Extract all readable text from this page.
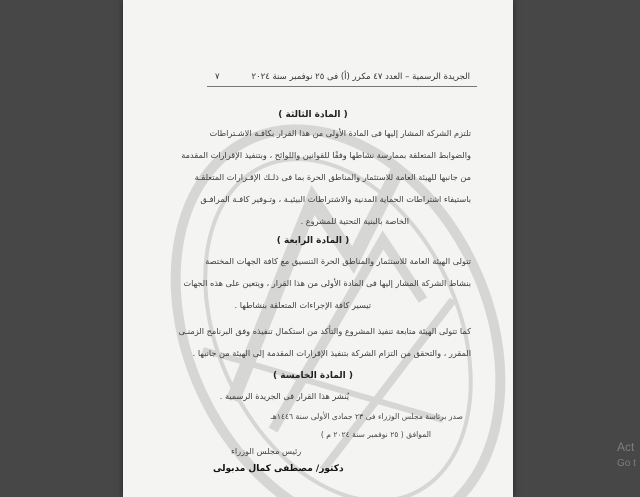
الجريدة الرسمية – العدد ٤٧ مكرر (أ) فى ٢٥ نوفمبر سنة ٢٠٢٤
٧
( المادة الثالثة )
تلتزم الشركة المشار إليها فى المادة الأولى من هذا القرار بكافـة الاشـتراطات
والضوابط المتعلقة بممارسة نشاطها وفقًا للقوانين واللوائح ، وبتنفيذ الإقرارات المقدمة
من جانبها للهيئة العامة للاستثمار والمناطق الحرة بما فى ذلـك الإقـرارات المتعلقـة
باستيفاء اشتراطات الحماية المدنية والاشتراطات البيئيـة ، وتـوفير كافـة المرافـق
الخاصة بالبنية التحتية للمشروع .
( المادة الرابعة )
تتولى الهيئة العامة للاستثمار والمناطق الحرة التنسيق مع كافة الجهات المختصة
بنشاط الشركة المشار إليها فى المادة الأولى من هذا القرار ، ويتعين على هذه الجهات
تيسير كافة الإجراءات المتعلقة بنشاطها .
كما تتولى الهيئة متابعة تنفيذ المشروع والتأكد من استكمال تنفيذه وفق البرنامج الزمنـى
المقرر ، والتحقق من التزام الشركة بتنفيذ الإقرارات المقدمة إلى الهيئة من جانبها .
( المادة الخامسة )
يُنشر هذا القرار فى الجريدة الرسمية .
صدر برئاسة مجلس الوزراء فى ٢٣ جمادى الأولى سنة ١٤٤٦هـ
الموافق ( ٢٥ نوفمبر سنة ٢٠٢٤ م )
رئيس مجلس الوزراء
دكتور/ مصطفى كمال مدبولى
Act
Go t
